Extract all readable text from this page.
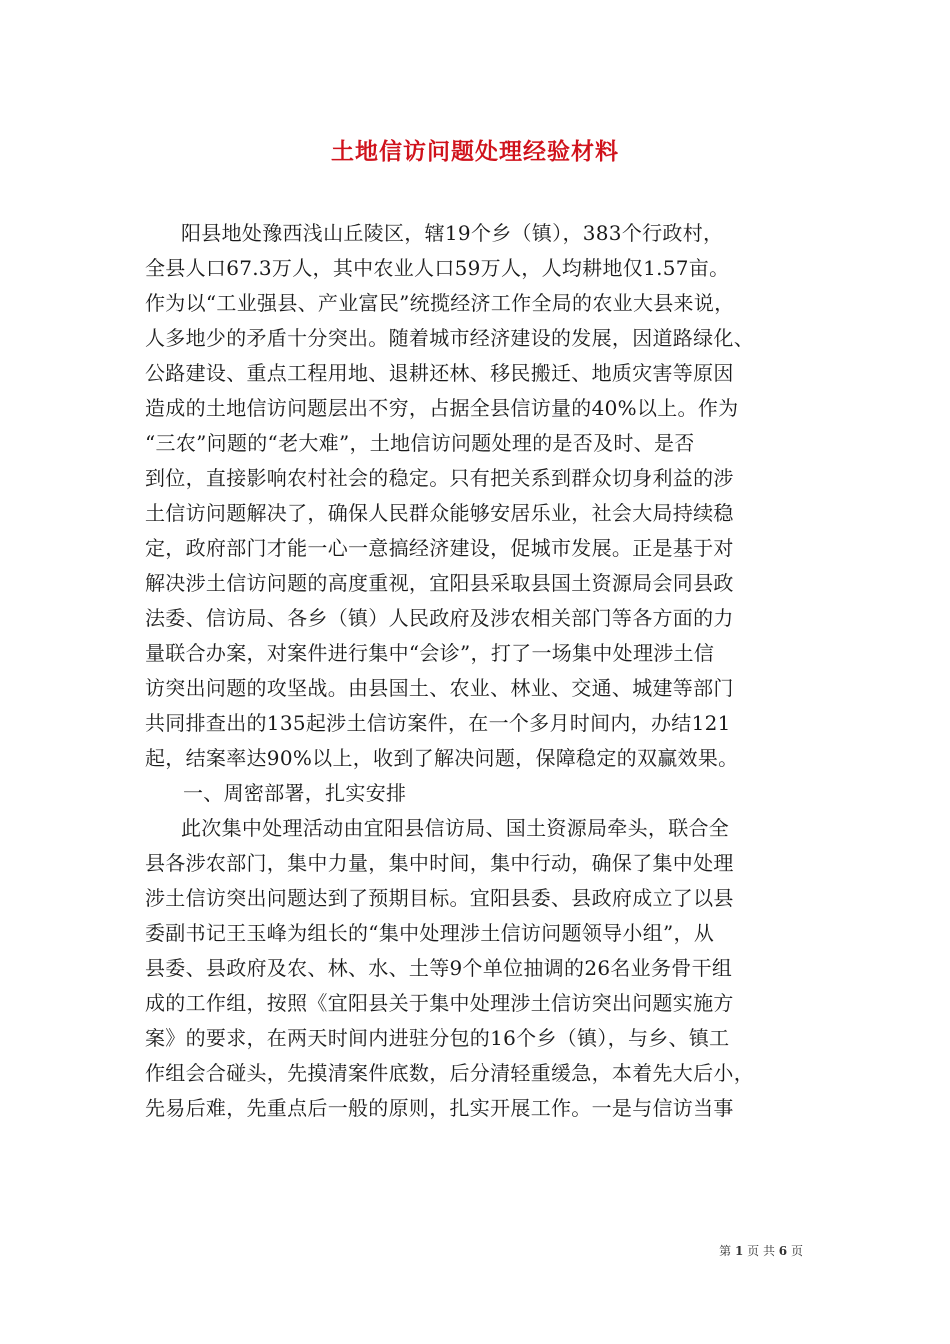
土地信访问题处理经验材料
阳县地处豫西浅山丘陵区，辖19个乡（镇），383个行政村，
全县人口67.3万人，其中农业人口59万人，人均耕地仅1.57亩。
作为以“工业强县、产业富民”统揽经济工作全局的农业大县来说，
人多地少的矛盾十分突出。随着城市经济建设的发展，因道路绿化、
公路建设、重点工程用地、退耕还林、移民搬迁、地质灾害等原因
造成的土地信访问题层出不穷，占据全县信访量的40%以上。作为
“三农”问题的“老大难”，土地信访问题处理的是否及时、是否
到位，直接影响农村社会的稳定。只有把关系到群众切身利益的涉
土信访问题解决了，确保人民群众能够安居乐业，社会大局持续稳
定，政府部门才能一心一意搞经济建设，促城市发展。正是基于对
解决涉土信访问题的高度重视，宜阳县采取县国土资源局会同县政
法委、信访局、各乡（镇）人民政府及涉农相关部门等各方面的力
量联合办案，对案件进行集中“会诊”，打了一场集中处理涉土信
访突出问题的攻坚战。由县国土、农业、林业、交通、城建等部门
共同排查出的135起涉土信访案件，在一个多月时间内，办结121
起，结案率达90%以上，收到了解决问题，保障稳定的双赢效果。
一、周密部署，扎实安排
此次集中处理活动由宜阳县信访局、国土资源局牵头，联合全
县各涉农部门，集中力量，集中时间，集中行动，确保了集中处理
涉土信访突出问题达到了预期目标。宜阳县委、县政府成立了以县
委副书记王玉峰为组长的“集中处理涉土信访问题领导小组”，从
县委、县政府及农、林、水、土等9个单位抽调的26名业务骨干组
成的工作组，按照《宜阳县关于集中处理涉土信访突出问题实施方
案》的要求，在两天时间内进驻分包的16个乡（镇），与乡、镇工
作组会合碰头，先摸清案件底数，后分清轻重缓急，本着先大后小，
先易后难，先重点后一般的原则，扎实开展工作。一是与信访当事
第 1 页 共 6 页
